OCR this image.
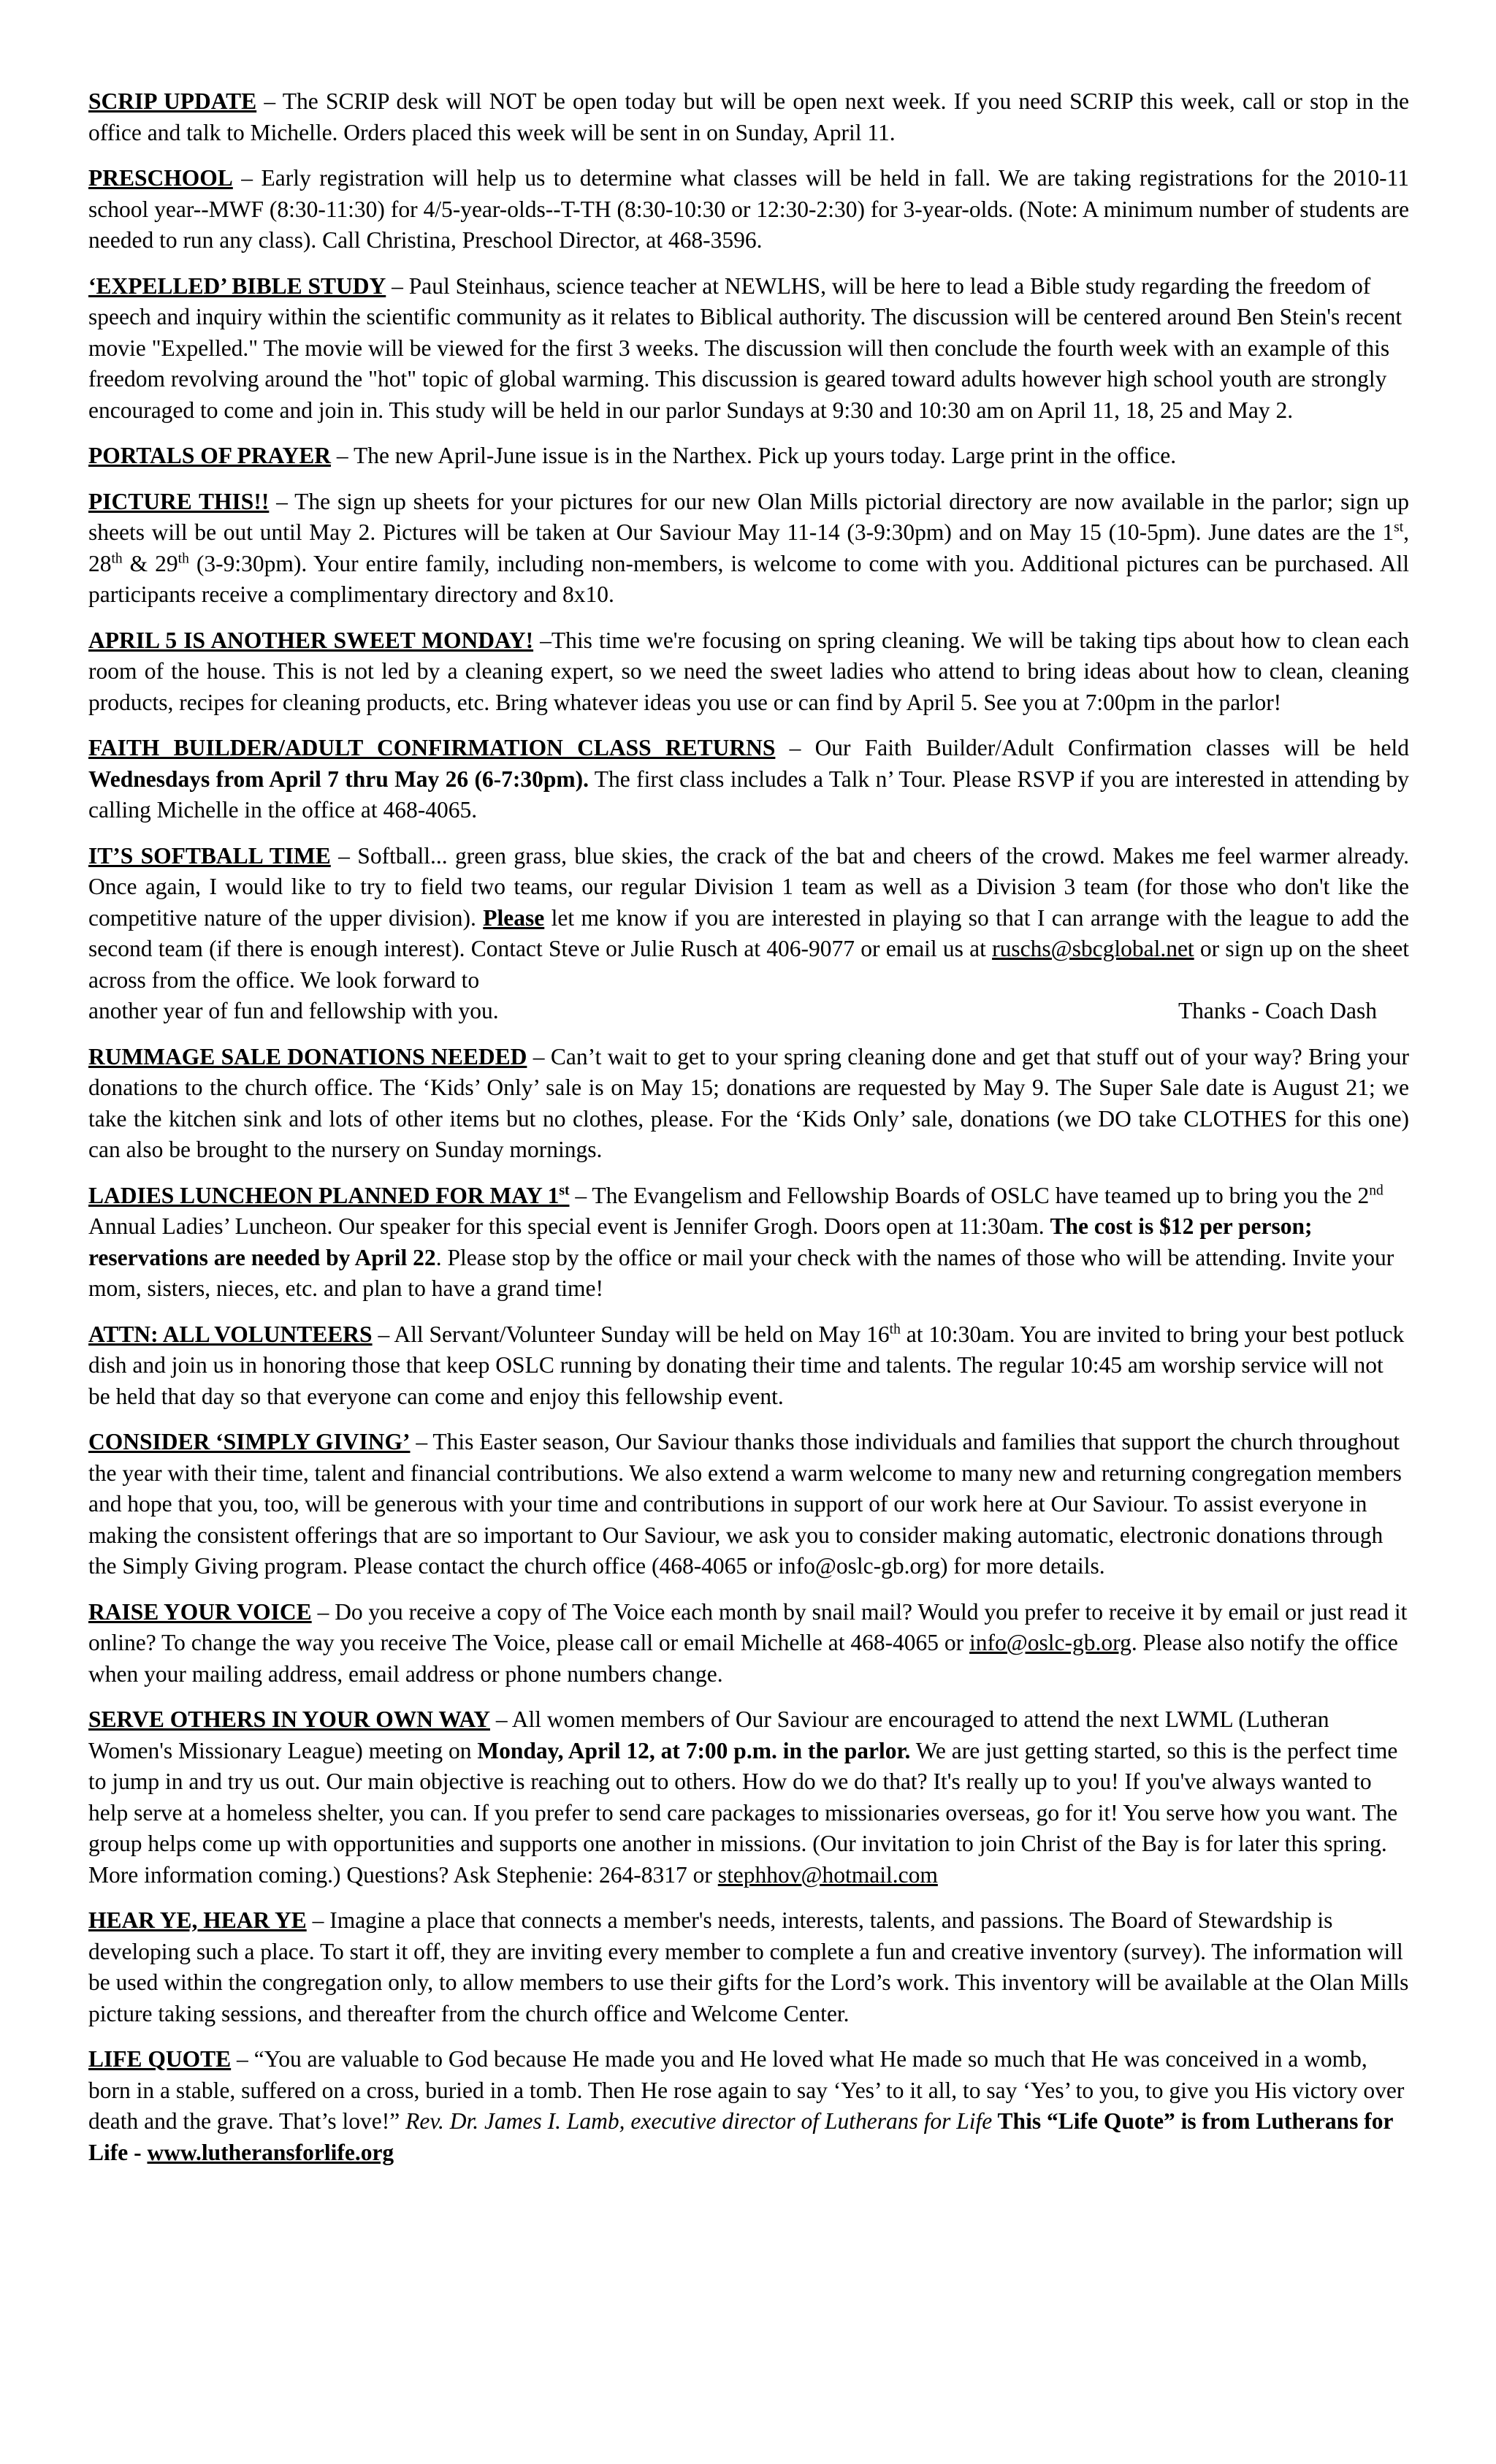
SCRIP UPDATE – The SCRIP desk will NOT be open today but will be open next week. If you need SCRIP this week, call or stop in the office and talk to Michelle. Orders placed this week will be sent in on Sunday, April 11.

PRESCHOOL – Early registration will help us to determine what classes will be held in fall. We are taking registrations for the 2010-11 school year--MWF (8:30-11:30) for 4/5-year-olds--T-TH (8:30-10:30 or 12:30-2:30) for 3-year-olds. (Note: A minimum number of students are needed to run any class). Call Christina, Preschool Director, at 468-3596.

‘EXPELLED’ BIBLE STUDY – Paul Steinhaus, science teacher at NEWLHS, will be here to lead a Bible study regarding the freedom of speech and inquiry within the scientific community as it relates to Biblical authority. The discussion will be centered around Ben Stein's recent movie "Expelled." The movie will be viewed for the first 3 weeks. The discussion will then conclude the fourth week with an example of this freedom revolving around the "hot" topic of global warming. This discussion is geared toward adults however high school youth are strongly encouraged to come and join in. This study will be held in our parlor Sundays at 9:30 and 10:30 am on April 11, 18, 25 and May 2.

PORTALS OF PRAYER – The new April-June issue is in the Narthex. Pick up yours today. Large print in the office.

PICTURE THIS!! – The sign up sheets for your pictures for our new Olan Mills pictorial directory are now available in the parlor; sign up sheets will be out until May 2. Pictures will be taken at Our Saviour May 11-14 (3-9:30pm) and on May 15 (10-5pm). June dates are the 1st, 28th & 29th (3-9:30pm). Your entire family, including non-members, is welcome to come with you. Additional pictures can be purchased. All participants receive a complimentary directory and 8x10.

APRIL 5 IS ANOTHER SWEET MONDAY! –This time we're focusing on spring cleaning. We will be taking tips about how to clean each room of the house. This is not led by a cleaning expert, so we need the sweet ladies who attend to bring ideas about how to clean, cleaning products, recipes for cleaning products, etc. Bring whatever ideas you use or can find by April 5. See you at 7:00pm in the parlor!

FAITH BUILDER/ADULT CONFIRMATION CLASS RETURNS – Our Faith Builder/Adult Confirmation classes will be held Wednesdays from April 7 thru May 26 (6-7:30pm). The first class includes a Talk n’ Tour. Please RSVP if you are interested in attending by calling Michelle in the office at 468-4065.

IT’S SOFTBALL TIME – Softball... green grass, blue skies, the crack of the bat and cheers of the crowd. Makes me feel warmer already. Once again, I would like to try to field two teams, our regular Division 1 team as well as a Division 3 team (for those who don't like the competitive nature of the upper division). Please let me know if you are interested in playing so that I can arrange with the league to add the second team (if there is enough interest). Contact Steve or Julie Rusch at 406-9077 or email us at ruschs@sbcglobal.net or sign up on the sheet across from the office. We look forward to

another year of fun and fellowship with you.	Thanks - Coach Dash

RUMMAGE SALE DONATIONS NEEDED – Can’t wait to get to your spring cleaning done and get that stuff out of your way? Bring your donations to the church office. The ‘Kids’ Only’ sale is on May 15; donations are requested by May 9. The Super Sale date is August 21; we take the kitchen sink and lots of other items but no clothes, please. For the ‘Kids Only’ sale, donations (we DO take CLOTHES for this one) can also be brought to the nursery on Sunday mornings.

LADIES LUNCHEON PLANNED FOR MAY 1st – The Evangelism and Fellowship Boards of OSLC have teamed up to bring you the 2nd Annual Ladies’ Luncheon. Our speaker for this special event is Jennifer Grogh. Doors open at 11:30am. The cost is $12 per person; reservations are needed by April 22. Please stop by the office or mail your check with the names of those who will be attending. Invite your mom, sisters, nieces, etc. and plan to have a grand time!

ATTN: ALL VOLUNTEERS – All Servant/Volunteer Sunday will be held on May 16th at 10:30am. You are invited to bring your best potluck dish and join us in honoring those that keep OSLC running by donating their time and talents. The regular 10:45 am worship service will not be held that day so that everyone can come and enjoy this fellowship event.

CONSIDER ‘SIMPLY GIVING’ – This Easter season, Our Saviour thanks those individuals and families that support the church throughout the year with their time, talent and financial contributions. We also extend a warm welcome to many new and returning congregation members and hope that you, too, will be generous with your time and contributions in support of our work here at Our Saviour. To assist everyone in making the consistent offerings that are so important to Our Saviour, we ask you to consider making automatic, electronic donations through the Simply Giving program. Please contact the church office (468-4065 or info@oslc-gb.org) for more details.

RAISE YOUR VOICE – Do you receive a copy of The Voice each month by snail mail? Would you prefer to receive it by email or just read it online? To change the way you receive The Voice, please call or email Michelle at 468-4065 or info@oslc-gb.org. Please also notify the office when your mailing address, email address or phone numbers change.

SERVE OTHERS IN YOUR OWN WAY – All women members of Our Saviour are encouraged to attend the next LWML (Lutheran Women's Missionary League) meeting on Monday, April 12, at 7:00 p.m. in the parlor. We are just getting started, so this is the perfect time to jump in and try us out. Our main objective is reaching out to others. How do we do that? It's really up to you! If you've always wanted to help serve at a homeless shelter, you can. If you prefer to send care packages to missionaries overseas, go for it! You serve how you want. The group helps come up with opportunities and supports one another in missions. (Our invitation to join Christ of the Bay is for later this spring. More information coming.) Questions? Ask Stephenie: 264-8317 or stephhov@hotmail.com

HEAR YE, HEAR YE – Imagine a place that connects a member's needs, interests, talents, and passions. The Board of Stewardship is developing such a place. To start it off, they are inviting every member to complete a fun and creative inventory (survey). The information will be used within the congregation only, to allow members to use their gifts for the Lord’s work. This inventory will be available at the Olan Mills picture taking sessions, and thereafter from the church office and Welcome Center.

LIFE QUOTE – “You are valuable to God because He made you and He loved what He made so much that He was conceived in a womb, born in a stable, suffered on a cross, buried in a tomb. Then He rose again to say ‘Yes’ to it all, to say ‘Yes’ to you, to give you His victory over death and the grave. That’s love!” Rev. Dr. James I. Lamb, executive director of Lutherans for Life This “Life Quote” is from Lutherans for Life - www.lutheransforlife.org
